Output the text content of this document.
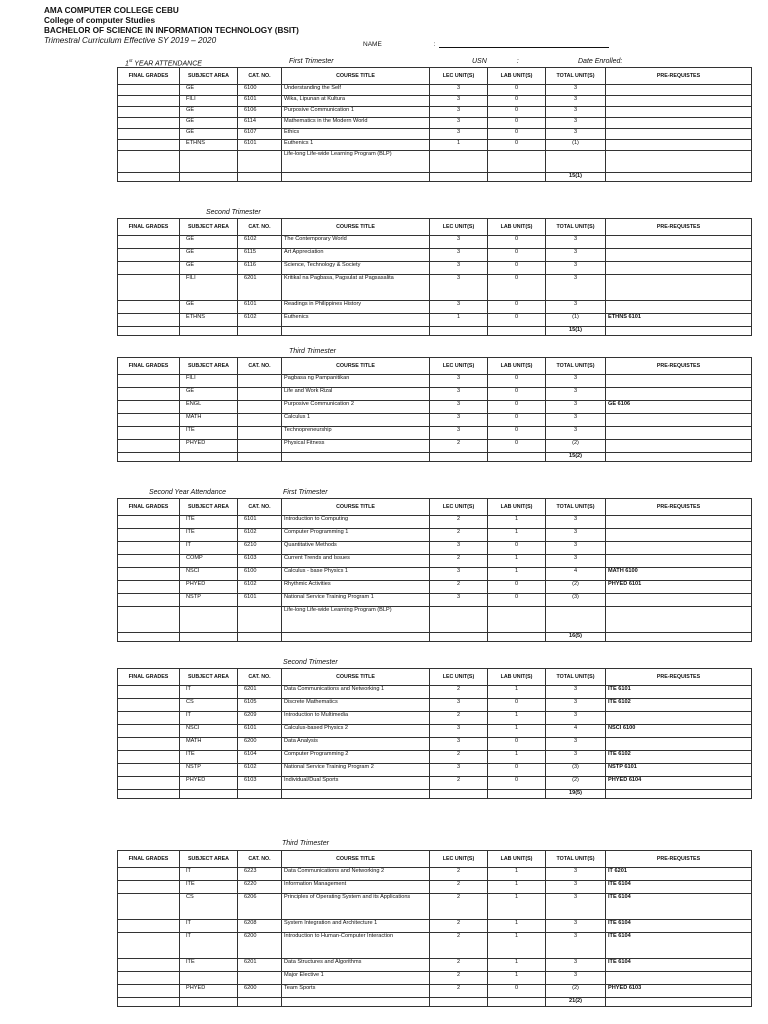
AMA COMPUTER COLLEGE CEBU
College of computer Studies
BACHELOR OF SCIENCE IN INFORMATION TECHNOLOGY (BSIT)
Trimestral Curriculum Effective SY 2019 – 2020	NAME	:
1st YEAR ATTENDANCE	USN	:	Date Enrolled:
Second Year Attendance
First Trimester
Second Trimester
Third Trimester
First Trimester
Second Trimester
Third Trimester
FINAL GRADES	SUBJECT AREA	CAT. NO.	COURSE TITLE	LEC UNIT(S)	LAB UNIT(S)	TOTAL UNIT(S)	PRE-REQUISTES
	GE	6100	Understanding the Self	3	0	3	
	FILI	6101	Wika, Lipunan at Kultura	3	0	3	
	GE	6106	Purposive Communication 1	3	0	3	
	GE	6114	Mathematics in the Modern World	3	0	3	
	GE	6107	Ethics	3	0	3	
	ETHNS	6101	Euthenics 1	1	0	(1)	
			Life-long Life-wide Learning Program (BLP)				
						15(1)	
FINAL GRADES	SUBJECT AREA	CAT. NO.	COURSE TITLE	LEC UNIT(S)	LAB UNIT(S)	TOTAL UNIT(S)	PRE-REQUISTES
	GE	6102	The Contemporary World	3	0	3	
	GE	6115	Art Appreciation	3	0	3	
	GE	6116	Science, Technology & Society	3	0	3	
	FILI	6201	Kritikal na Pagbasa, Pagsulat at Pagsasalita	3	0	3	
	GE	6101	Readings in Philippines History	3	0	3	
	ETHNS	6102	Euthenics	1	0	(1)	ETHNS 6101
						15(1)	
FINAL GRADES	SUBJECT AREA	CAT. NO.	COURSE TITLE	LEC UNIT(S)	LAB UNIT(S)	TOTAL UNIT(S)	PRE-REQUISTES
	FILI		Pagbasa ng Pampanitikan	3	0	3	
	GE		Life and Work Rizal	3	0	3	
	ENGL		Purposive Communication 2	3	0	3	GE 6106
	MATH		Calculus 1	3	0	3	
	ITE		Technopreneurship	3	0	3	
	PHYED		Physical Fitness	2	0	(2)	
						15(2)	
FINAL GRADES	SUBJECT AREA	CAT. NO.	COURSE TITLE	LEC UNIT(S)	LAB UNIT(S)	TOTAL UNIT(S)	PRE-REQUISTES
	ITE	6101	Introduction to Computing	2	1	3	
	ITE	6102	Computer Programming 1	2	1	3	
	IT	6210	Quantitative Methods	3	0	3	
	COMP	6103	Current Trends and Issues	2	1	3	
	NSCI	6100	Calculus - base Physics 1	3	1	4	MATH 6100
	PHYED	6102	Rhythmic Activities	2	0	(2)	PHYED 6101
	NSTP	6101	National Service Training Program 1	3	0	(3)	
			Life-long Life-wide Learning Program (BLP)				
						16(5)	
FINAL GRADES	SUBJECT AREA	CAT. NO.	COURSE TITLE	LEC UNIT(S)	LAB UNIT(S)	TOTAL UNIT(S)	PRE-REQUISTES
	IT	6201	Data Communications and Networking 1	2	1	3	ITE 6101
	CS	6105	Discrete Mathematics	3	0	3	ITE 6102
	IT	6209	Introduction to Multimedia	2	1	3	
	NSCI	6101	Calculus-based Physics 2	3	1	4	NSCI 6100
	MATH	6200	Data Analysis	3	0	3	
	ITE	6104	Computer Programming 2	2	1	3	ITE 6102
	NSTP	6102	National Service Training Program 2	3	0	(3)	NSTP 6101
	PHYED	6103	Individual/Dual Sports	2	0	(2)	PHYED 6104
						19(5)	
FINAL GRADES	SUBJECT AREA	CAT. NO.	COURSE TITLE	LEC UNIT(S)	LAB UNIT(S)	TOTAL UNIT(S)	PRE-REQUISTES
	IT	6223	Data Communications and Networking 2	2	1	3	IT 6201
	ITE	6220	Information Management	2	1	3	ITE 6104
	CS	6206	Principles of Operating System and its Applications	2	1	3	ITE 6104
	IT	6208	System Integration and Architecture 1	2	1	3	ITE 6104
	IT	6200	Introduction to Human-Computer Interaction	2	1	3	ITE 6104
	ITE	6201	Data Structures and Algorithms	2	1	3	ITE 6104
			Major Elective 1	2	1	3	
	PHYED	6200	Team Sports	2	0	(2)	PHYED 6103
						21(2)	
